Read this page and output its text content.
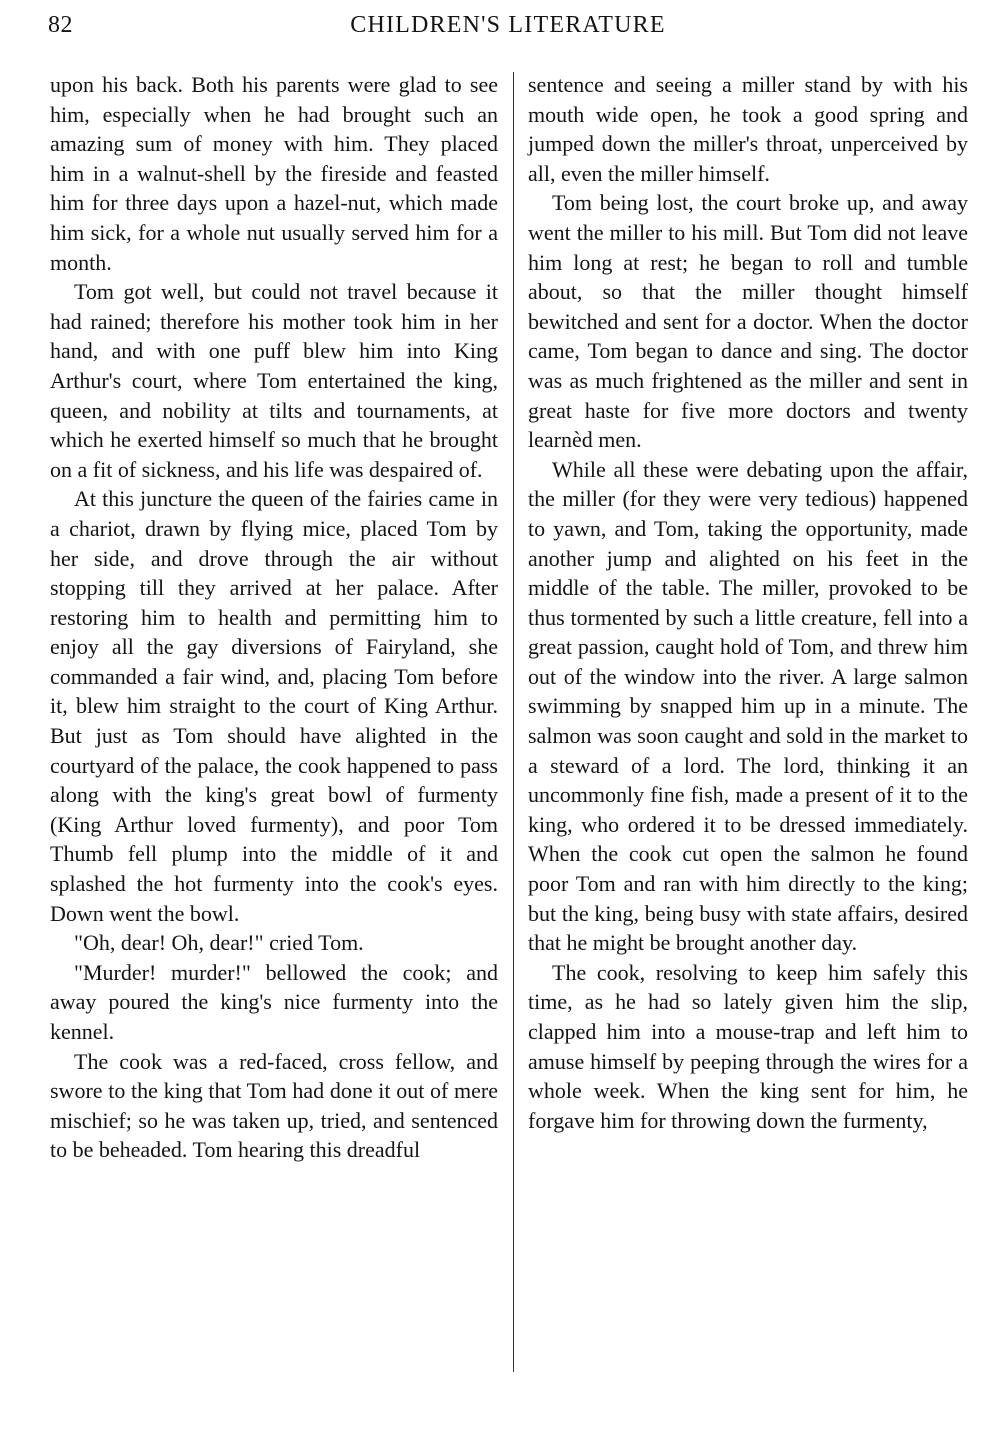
82	CHILDREN'S LITERATURE

upon his back. Both his parents were glad to see him, especially when he had brought such an amazing sum of money with him. They placed him in a walnut-shell by the fireside and feasted him for three days upon a hazel-nut, which made him sick, for a whole nut usually served him for a month.

Tom got well, but could not travel because it had rained; therefore his mother took him in her hand, and with one puff blew him into King Arthur's court, where Tom entertained the king, queen, and nobility at tilts and tournaments, at which he exerted himself so much that he brought on a fit of sickness, and his life was despaired of.

At this juncture the queen of the fairies came in a chariot, drawn by flying mice, placed Tom by her side, and drove through the air without stopping till they arrived at her palace. After restoring him to health and permitting him to enjoy all the gay diversions of Fairyland, she commanded a fair wind, and, placing Tom before it, blew him straight to the court of King Arthur. But just as Tom should have alighted in the courtyard of the palace, the cook happened to pass along with the king's great bowl of furmenty (King Arthur loved furmenty), and poor Tom Thumb fell plump into the middle of it and splashed the hot furmenty into the cook's eyes. Down went the bowl.

"Oh, dear! Oh, dear!" cried Tom.

"Murder! murder!" bellowed the cook; and away poured the king's nice furmenty into the kennel.

The cook was a red-faced, cross fellow, and swore to the king that Tom had done it out of mere mischief; so he was taken up, tried, and sentenced to be beheaded. Tom hearing this dreadful

sentence and seeing a miller stand by with his mouth wide open, he took a good spring and jumped down the miller's throat, unperceived by all, even the miller himself.

Tom being lost, the court broke up, and away went the miller to his mill. But Tom did not leave him long at rest; he began to roll and tumble about, so that the miller thought himself bewitched and sent for a doctor. When the doctor came, Tom began to dance and sing. The doctor was as much frightened as the miller and sent in great haste for five more doctors and twenty learnèd men.

While all these were debating upon the affair, the miller (for they were very tedious) happened to yawn, and Tom, taking the opportunity, made another jump and alighted on his feet in the middle of the table. The miller, provoked to be thus tormented by such a little creature, fell into a great passion, caught hold of Tom, and threw him out of the window into the river. A large salmon swimming by snapped him up in a minute. The salmon was soon caught and sold in the market to a steward of a lord. The lord, thinking it an uncommonly fine fish, made a present of it to the king, who ordered it to be dressed immediately. When the cook cut open the salmon he found poor Tom and ran with him directly to the king; but the king, being busy with state affairs, desired that he might be brought another day.

The cook, resolving to keep him safely this time, as he had so lately given him the slip, clapped him into a mouse-trap and left him to amuse himself by peeping through the wires for a whole week. When the king sent for him, he forgave him for throwing down the furmenty,
